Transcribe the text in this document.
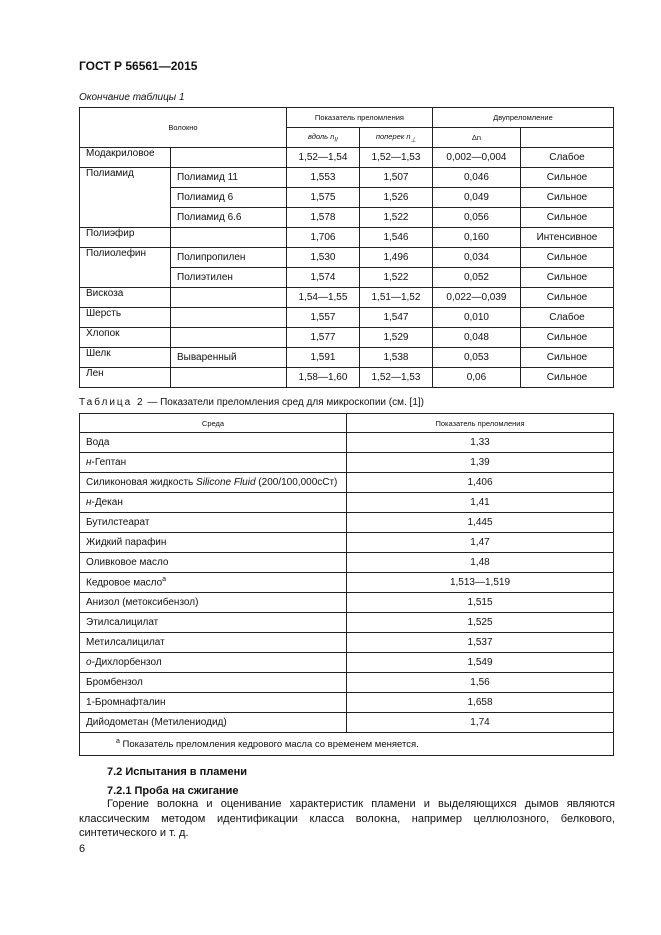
ГОСТ Р 56561—2015
Окончание таблицы 1
Волокно		Показатель преломления		Двупреломление	
		вдоль $n_{II}$	поперек $n_\perp$	Δn	
Модакриловое		1,52—1,54	1,52—1,53	0,002—0,004	Слабое
Полиамид	Полиамид 11	1,553	1,507	0,046	Сильное
	Полиамид 6	1,575	1,526	0,049	Сильное
	Полиамид 6.6	1,578	1,522	0,056	Сильное
Полиэфир		1,706	1,546	0,160	Интенсивное
Полиолефин	Полипропилен	1,530	1,496	0,034	Сильное
	Полиэтилен	1,574	1,522	0,052	Сильное
Вискоза		1,54—1,55	1,51—1,52	0,022—0,039	Сильное
Шерсть		1,557	1,547	0,010	Слабое
Хлопок		1,577	1,529	0,048	Сильное
Шелк	Вываренный	1,591	1,538	0,053	Сильное
Лен		1,58—1,60	1,52—1,53	0,06	Сильное
Таблица 2 — Показатели преломления сред для микроскопии (см. [1])
Среда	Показатель преломления
Вода	1,33
н-Гептан	1,39
Силиконовая жидкость Silicone Fluid (200/100,000сСт)	1,406
н-Декан	1,41
Бутилстеарат	1,445
Жидкий парафин	1,47
Оливковое масло	1,48
Кедровое масло$^а$	1,513—1,519
Анизол (метоксибензол)	1,515
Этилсалицилат	1,525
Метилсалицилат	1,537
о-Дихлорбензол	1,549
Бромбензол	1,56
1-Бромнафталин	1,658
Дийодометан (Метилениодид)	1,74
$^а$ Показатель преломления кедрового масла со временем меняется.	
7.2 Испытания в пламени
7.2.1 Проба на сжигание
Горение волокна и оценивание характеристик пламени и выделяющихся дымов являются классическим методом идентификации класса волокна, например целлюлозного, белкового, синтетического и т. д.
6
